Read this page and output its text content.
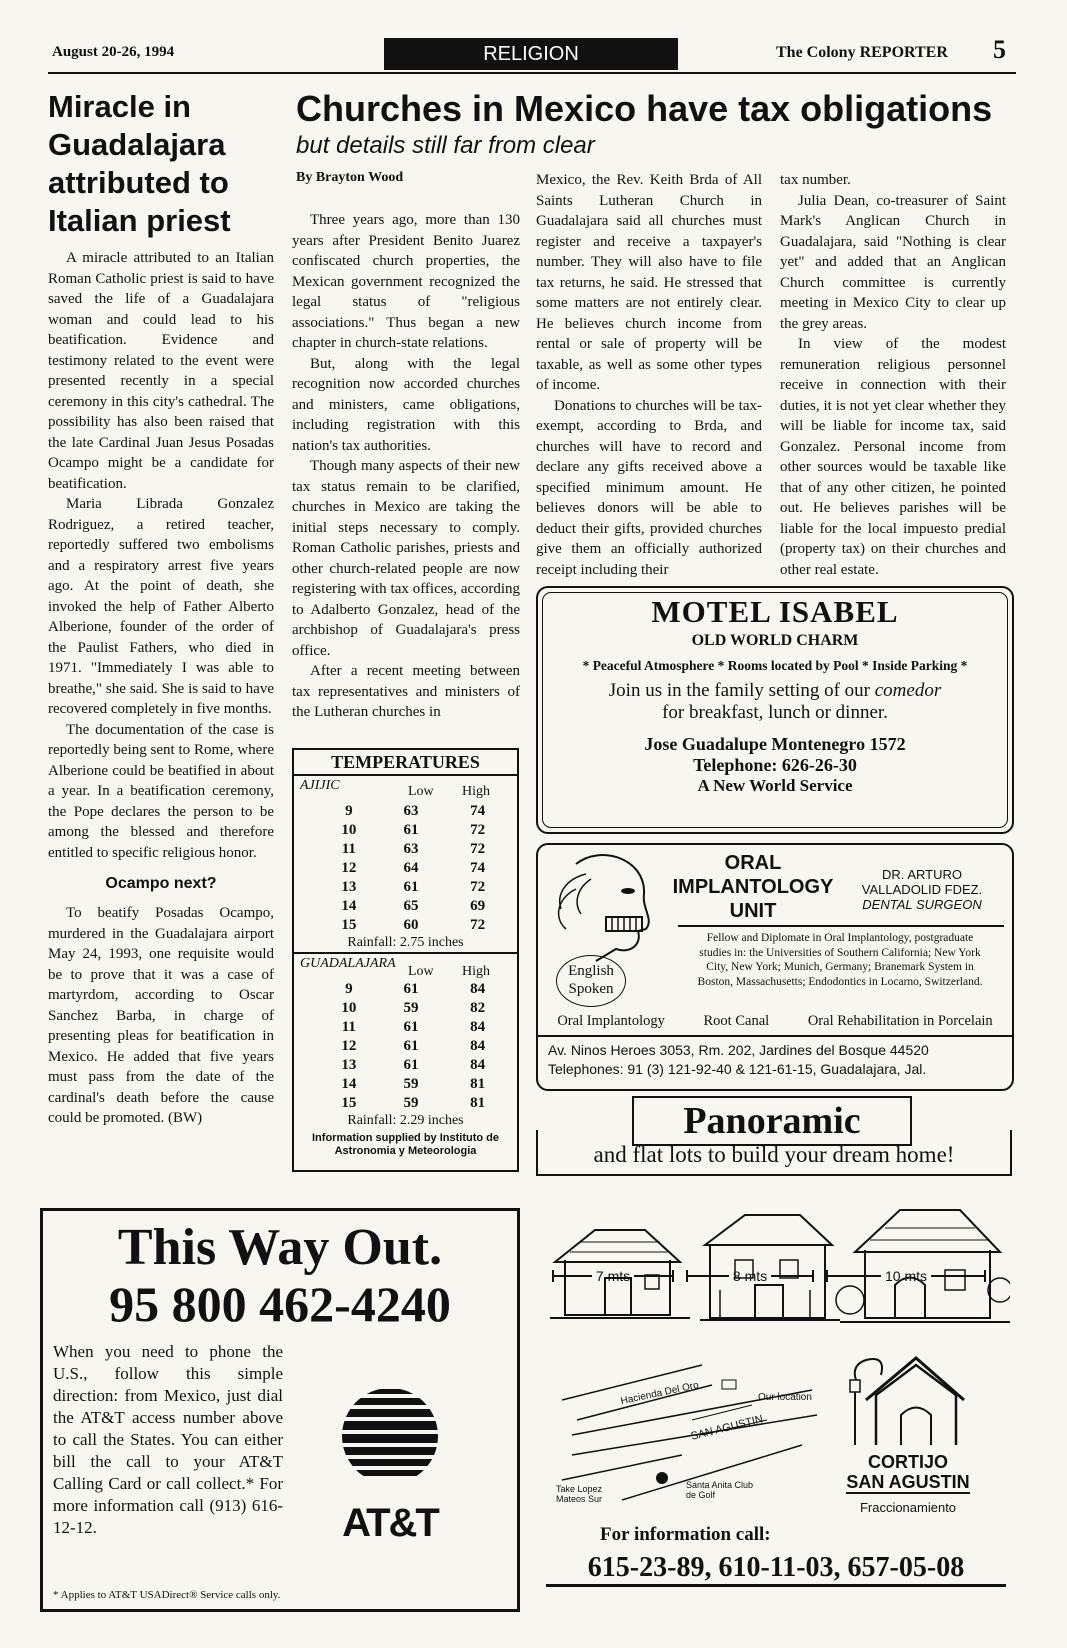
August 20-26, 1994	RELIGION	The Colony REPORTER 5
Miracle in Guadalajara attributed to Italian priest

A miracle attributed to an Italian Roman Catholic priest is said to have saved the life of a Guadalajara woman and could lead to his beatification. Evidence and testimony related to the event were presented recently in a special ceremony in this city's cathedral. The possibility has also been raised that the late Cardinal Juan Jesus Posadas Ocampo might be a candidate for beatification.

Maria Librada Gonzalez Rodriguez, a retired teacher, reportedly suffered two embolisms and a respiratory arrest five years ago. At the point of death, she invoked the help of Father Alberto Alberione, founder of the order of the Paulist Fathers, who died in 1971. "Immediately I was able to breathe," she said. She is said to have recovered completely in five months.

The documentation of the case is reportedly being sent to Rome, where Alberione could be beatified in about a year. In a beatification ceremony, the Pope declares the person to be among the blessed and therefore entitled to specific religious honor.

Ocampo next?

To beatify Posadas Ocampo, murdered in the Guadalajara airport May 24, 1993, one requisite would be to prove that it was a case of martyrdom, according to Oscar Sanchez Barba, in charge of presenting pleas for beatification in Mexico. He added that five years must pass from the date of the cardinal's death before the cause could be promoted. (BW)

Churches in Mexico have tax obligations
but details still far from clear
By Brayton Wood

Three years ago, more than 130 years after President Benito Juarez confiscated church properties, the Mexican government recognized the legal status of "religious associations." Thus began a new chapter in church-state relations.

But, along with the legal recognition now accorded churches and ministers, came obligations, including registration with this nation's tax authorities.

Though many aspects of their new tax status remain to be clarified, churches in Mexico are taking the initial steps necessary to comply. Roman Catholic parishes, priests and other church-related people are now registering with tax offices, according to Adalberto Gonzalez, head of the archbishop of Guadalajara's press office.

After a recent meeting between tax representatives and ministers of the Lutheran churches in

Mexico, the Rev. Keith Brda of All Saints Lutheran Church in Guadalajara said all churches must register and receive a taxpayer's number. They will also have to file tax returns, he said. He stressed that some matters are not entirely clear. He believes church income from rental or sale of property will be taxable, as well as some other types of income.

Donations to churches will be tax-exempt, according to Brda, and churches will have to record and declare any gifts received above a specified minimum amount. He believes donors will be able to deduct their gifts, provided churches give them an officially authorized receipt including their

tax number.

Julia Dean, co-treasurer of Saint Mark's Anglican Church in Guadalajara, said "Nothing is clear yet" and added that an Anglican Church committee is currently meeting in Mexico City to clear up the grey areas.

In view of the modest remuneration religious personnel receive in connection with their duties, it is not yet clear whether they will be liable for income tax, said Gonzalez. Personal income from other sources would be taxable like that of any other citizen, he pointed out. He believes parishes will be liable for the local impuesto predial (property tax) on their churches and other real estate.

TEMPERATURES
AJIJIC	Low High
	9	63	74
	10	61	72
	11	63	72
	12	64	74
	13	61	72
	14	65	69
	15	60	72
Rainfall: 2.75 inches
GUADALAJARA
Low High
	9	61	84
	10	59	82
	11	61	84
	12	61	84
	13	61	84
	14	59	81
	15	59	81
Rainfall: 2.29 inches
Information supplied by Instituto de Astronomia y Meteorologia
MOTEL ISABEL
OLD WORLD CHARM
* Peaceful Atmosphere * Rooms located by Pool * Inside Parking *
Join us in the family setting of our comedor
for breakfast, lunch or dinner.
Jose Guadalupe Montenegro 1572
Telephone: 626-26-30
A New World Service
ORAL
IMPLANTOLOGY
UNIT
DR. ARTURO
VALLADOLID FDEZ.
DENTAL SURGEON
Fellow and Diplomate in Oral Implantology, postgraduate studies in: the Universities of Southern California; New York City, New York; Munich, Germany; Branemark System in Boston, Massachusetts; Endodontics in Locarno, Switzerland.
English
Spoken
Oral Implantology	Root Canal	Oral Rehabilitation in Porcelain
Av. Ninos Heroes 3053, Rm. 202, Jardines del Bosque 44520
Telephones: 91 (3) 121-92-40 & 121-61-15, Guadalajara, Jal.
Panoramic
and flat lots to build your dream home!
7 mts	8 mts	10 mts
Hacienda Del Oro	Our location
SAN AGUSTIN
Take Lopez Mateos Sur
Santa Anita Club de Golf
CORTIJO
SAN AGUSTIN
Fraccionamiento
For information call:
615-23-89, 610-11-03, 657-05-08
This Way Out.
95 800 462-4240
When you need to phone the U.S., follow this simple direction: from Mexico, just dial the AT&T access number above to call the States. You can either bill the call to your AT&T Calling Card or call collect.* For more information call (913) 616-12-12.	AT&T
* Applies to AT&T USADirect® Service calls only.
